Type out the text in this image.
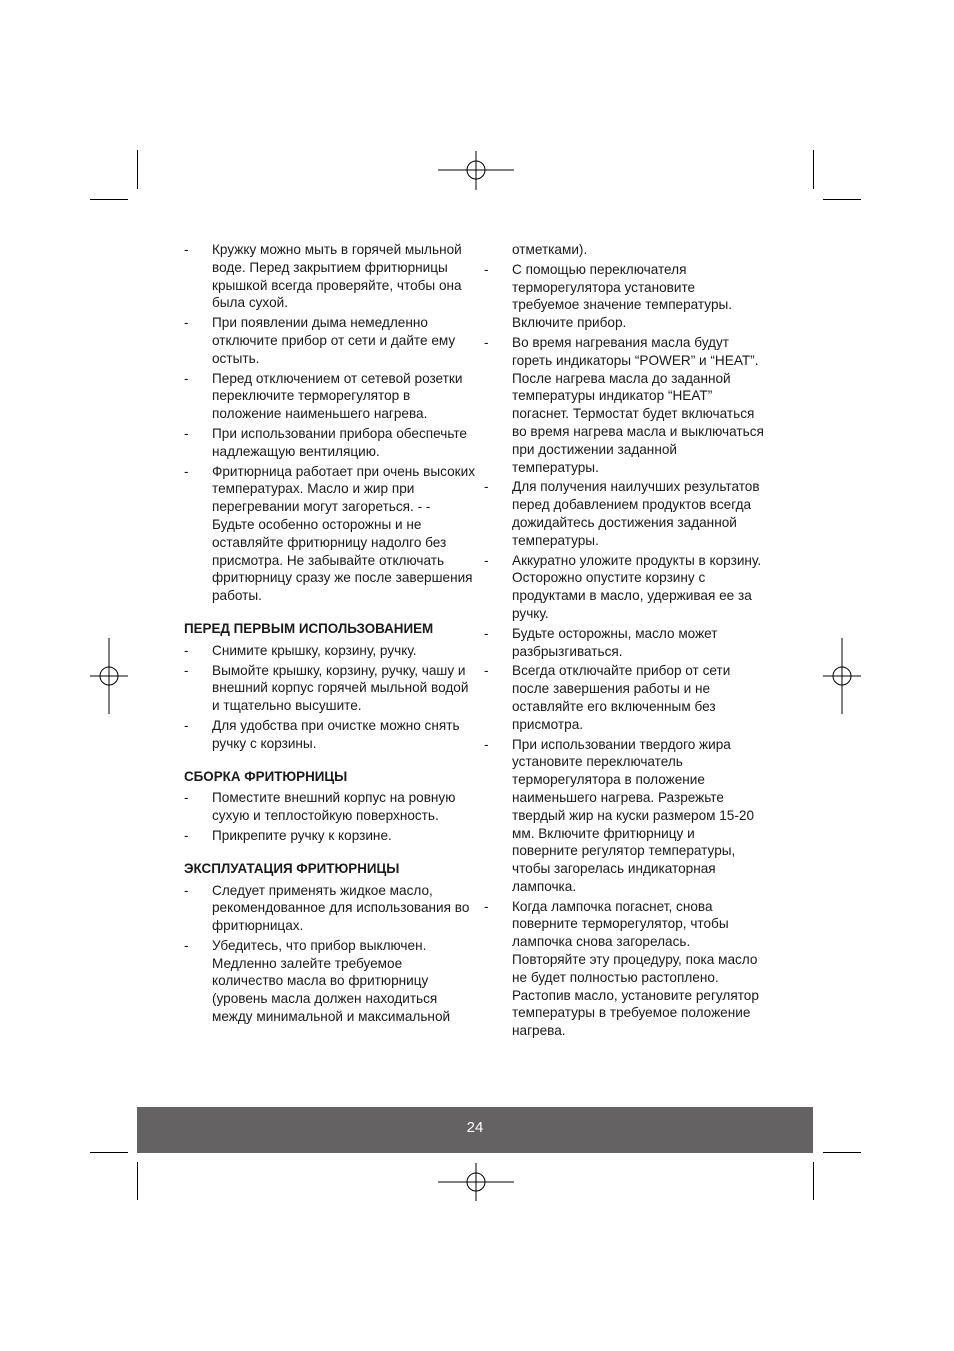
- Кружку можно мыть в горячей мыльной воде. Перед закрытием фритюрницы крышкой всегда проверяйте, чтобы она была сухой.
- При появлении дыма немедленно отключите прибор от сети и дайте ему остыть.
- Перед отключением от сетевой розетки переключите терморегулятор в положение наименьшего нагрева.
- При использовании прибора обеспечьте надлежащую вентиляцию.
- Фритюрница работает при очень высоких температурах. Масло и жир при перегревании могут загореться. - - Будьте особенно осторожны и не оставляйте фритюрницу надолго без присмотра. Не забывайте отключать фритюрницу сразу же после завершения работы.
ПЕРЕД ПЕРВЫМ ИСПОЛЬЗОВАНИЕМ
- Снимите крышку, корзину, ручку.
- Вымойте крышку, корзину, ручку, чашу и внешний корпус горячей мыльной водой и тщательно высушите.
- Для удобства при очистке можно снять ручку с корзины.
СБОРКА ФРИТЮРНИЦЫ
- Поместите внешний корпус на ровную сухую и теплостойкую поверхность.
- Прикрепите ручку к корзине.
ЭКСПЛУАТАЦИЯ ФРИТЮРНИЦЫ
- Следует применять жидкое масло, рекомендованное для использования во фритюрницах.
- Убедитесь, что прибор выключен. Медленно залейте требуемое количество масла во фритюрницу (уровень масла должен находиться между минимальной и максимальной
отметками).
- С помощью переключателя терморегулятора установите требуемое значение температуры. Включите прибор.
- Во время нагревания масла будут гореть индикаторы “POWER” и “HEAT”. После нагрева масла до заданной температуры индикатор “HEAT” погаснет. Термостат будет включаться во время нагрева масла и выключаться при достижении заданной температуры.
- Для получения наилучших результатов перед добавлением продуктов всегда дожидайтесь достижения заданной температуры.
- Аккуратно уложите продукты в корзину. Осторожно опустите корзину с продуктами в масло, удерживая ее за ручку.
- Будьте осторожны, масло может разбрызгиваться.
- Всегда отключайте прибор от сети после завершения работы и не оставляйте его включенным без присмотра.
- При использовании твердого жира установите переключатель терморегулятора в положение наименьшего нагрева. Разрежьте твердый жир на куски размером 15-20 мм. Включите фритюрницу и поверните регулятор температуры, чтобы загорелась индикаторная лампочка.
- Когда лампочка погаснет, снова поверните терморегулятор, чтобы лампочка снова загорелась. Повторяйте эту процедуру, пока масло не будет полностью растоплено. Растопив масло, установите регулятор температуры в требуемое положение нагрева.
24
